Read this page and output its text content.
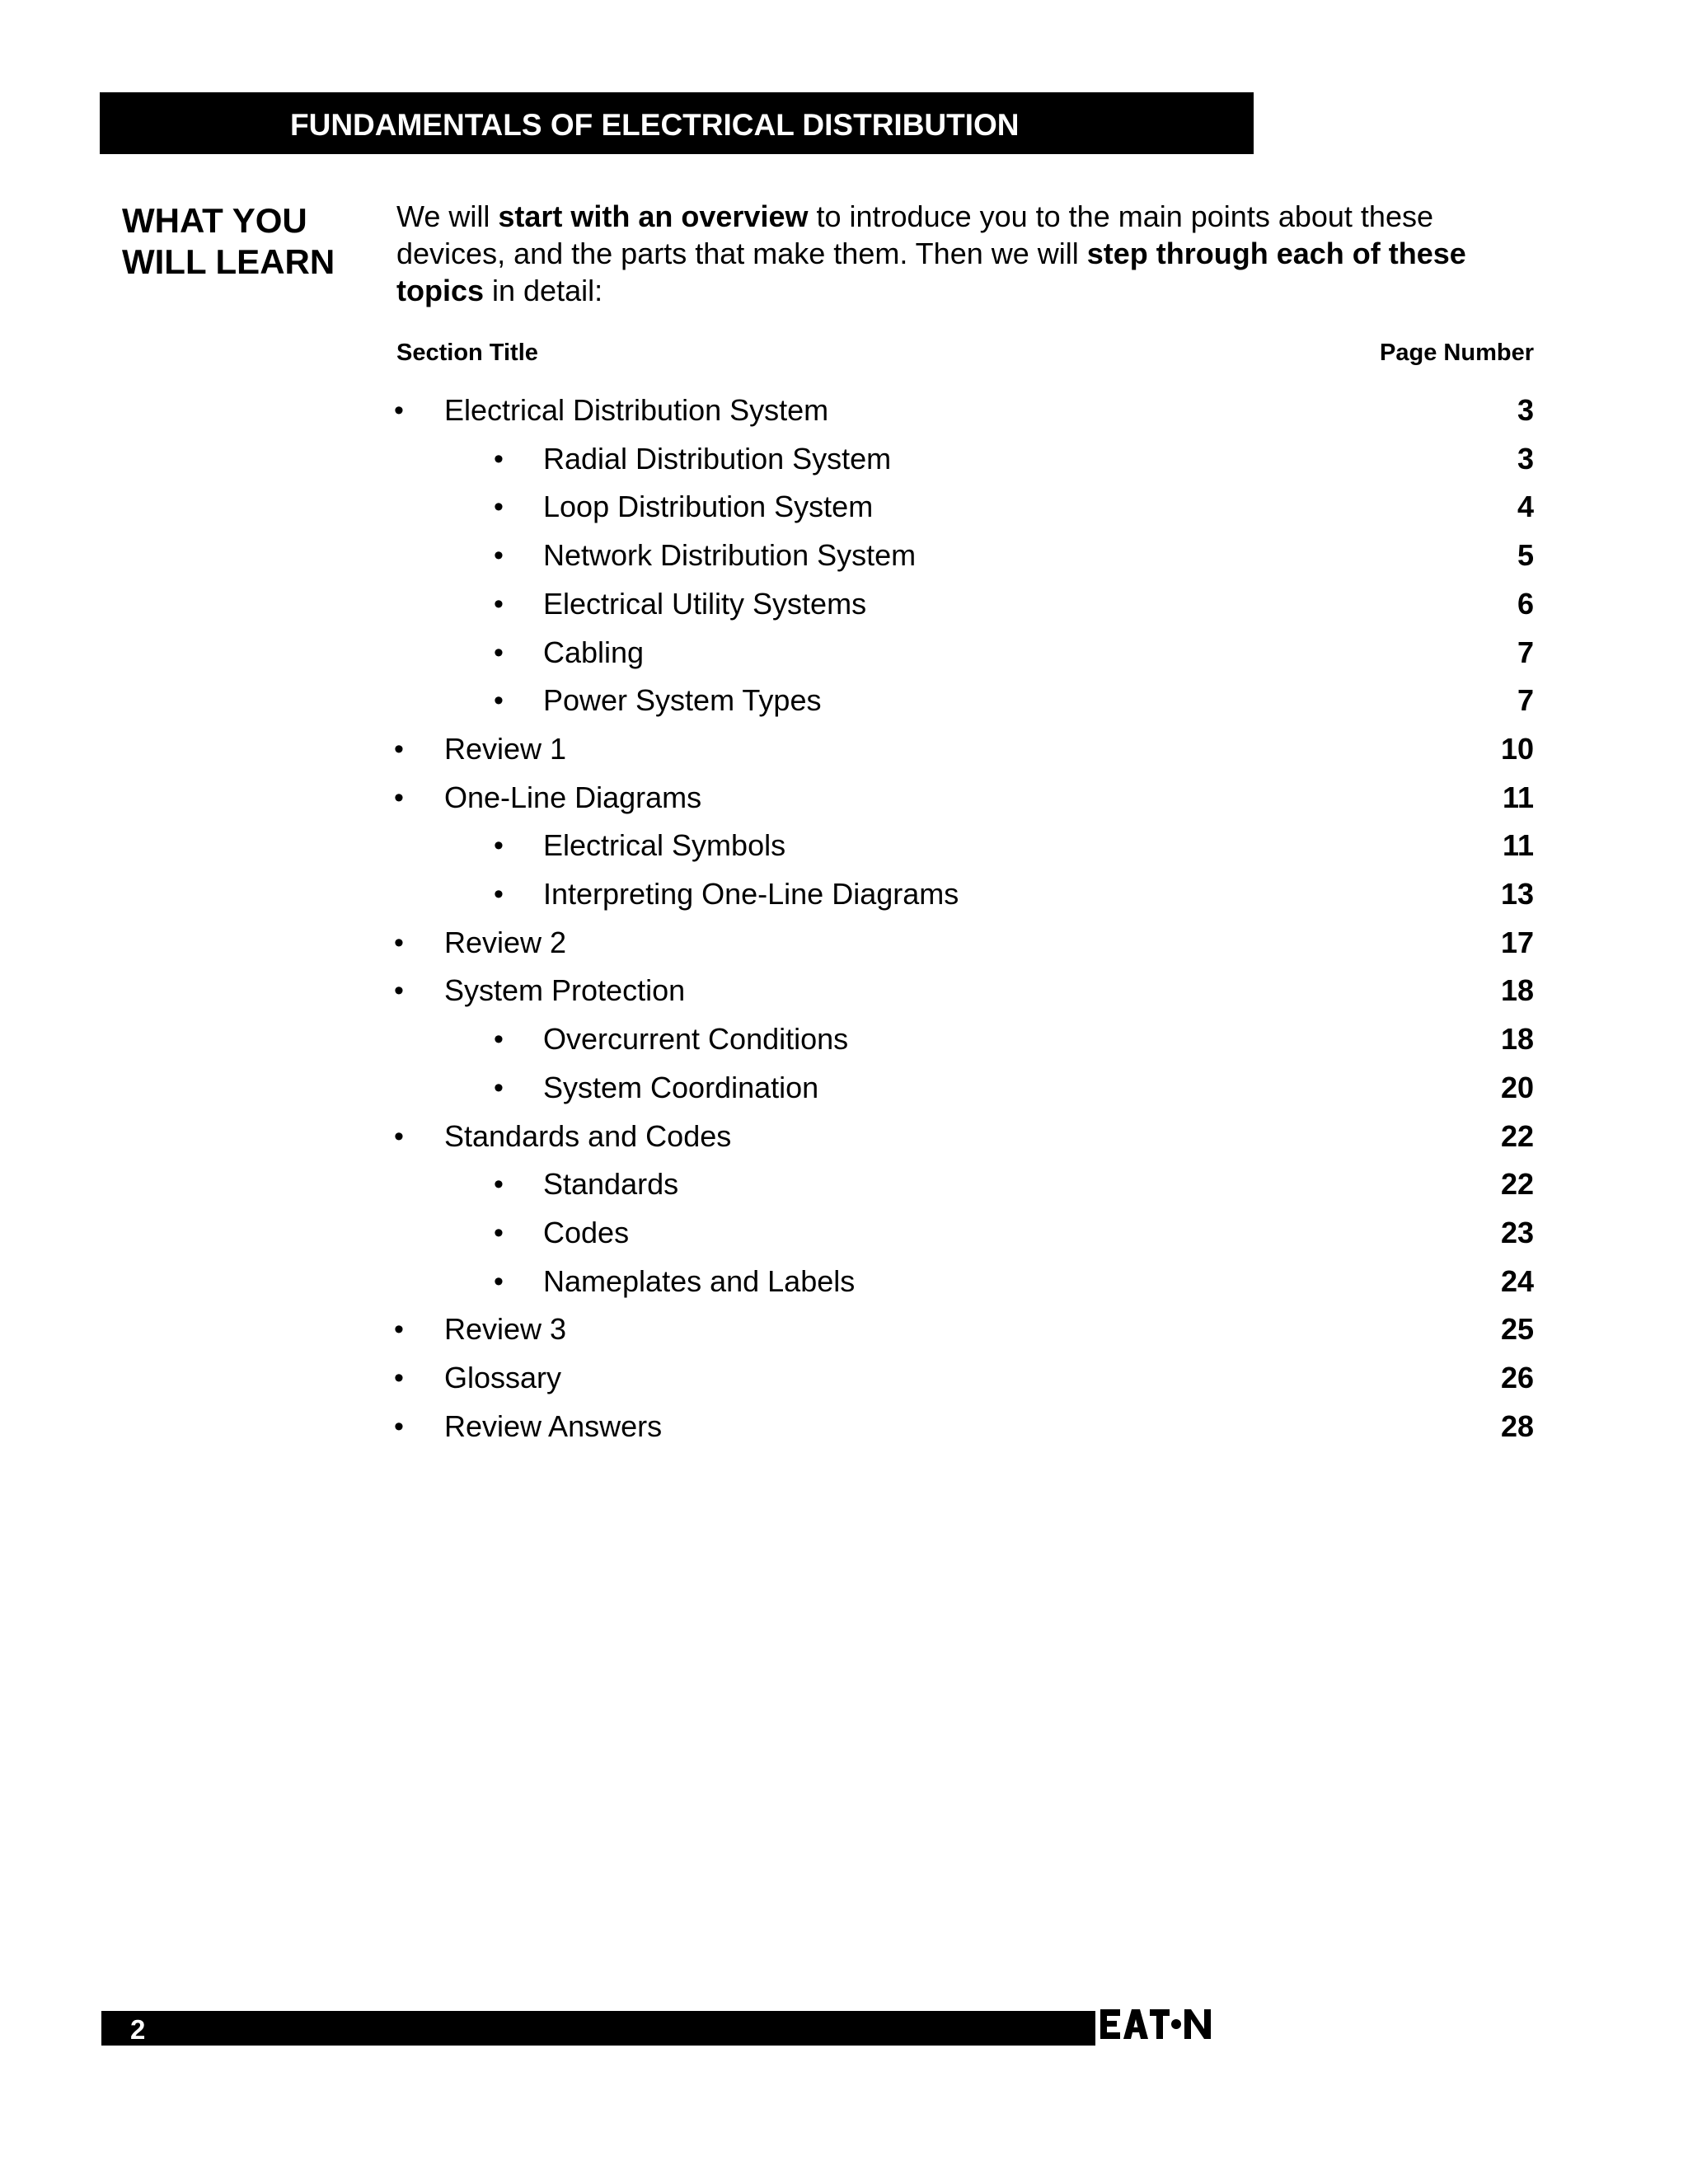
FUNDAMENTALS OF ELECTRICAL DISTRIBUTION
WHAT YOU
WILL LEARN
We will start with an overview to introduce you to the main points about these devices, and the parts that make them. Then we will step through each of these topics in detail:
Section Title	Page Number
• Electrical Distribution System	3
• Radial Distribution System	3
• Loop Distribution System	4
• Network Distribution System	5
• Electrical Utility Systems	6
• Cabling	7
• Power System Types	7
• Review 1	10
• One-Line Diagrams	11
• Electrical Symbols	11
• Interpreting One-Line Diagrams	13
• Review 2	17
• System Protection	18
• Overcurrent Conditions	18
• System Coordination	20
• Standards and Codes	22
• Standards	22
• Codes	23
• Nameplates and Labels	24
• Review 3	25
• Glossary	26
• Review Answers	28
2
